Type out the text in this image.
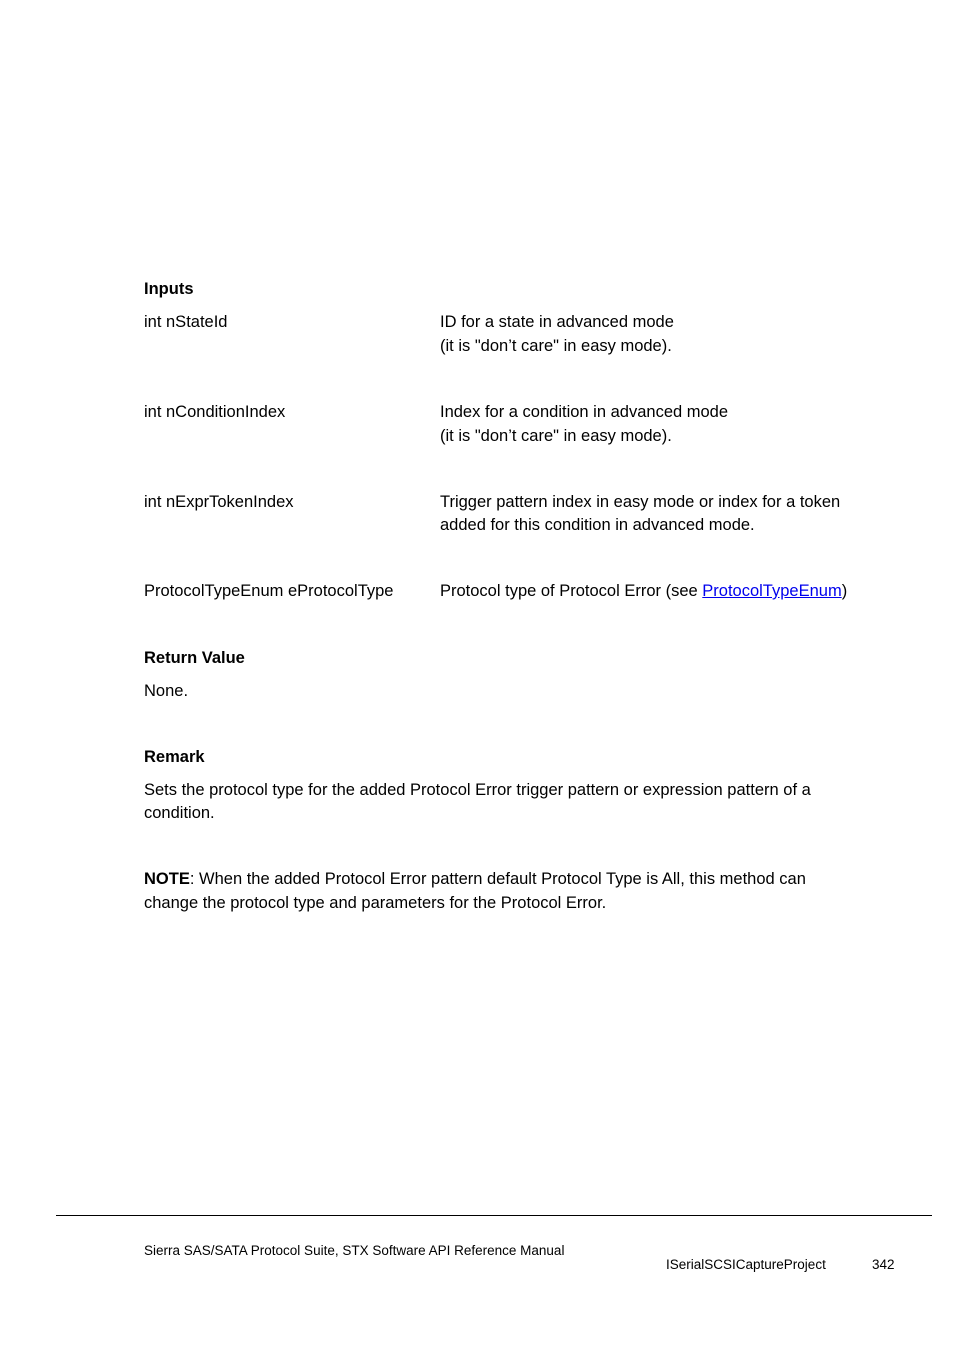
Inputs
int nStateId	ID for a state in advanced mode
(it is "don’t care" in easy mode).
int nConditionIndex	Index for a condition in advanced mode
(it is "don’t care" in easy mode).
int nExprTokenIndex	Trigger pattern index in easy mode or index for a token
added for this condition in advanced mode.
ProtocolTypeEnum eProtocolType	Protocol type of Protocol Error (see ProtocolTypeEnum)
Return Value
None.
Remark
Sets the protocol type for the added Protocol Error trigger pattern or expression pattern of a
condition.
NOTE: When the added Protocol Error pattern default Protocol Type is All, this method can
change the protocol type and parameters for the Protocol Error.
Sierra SAS/SATA Protocol Suite, STX Software API Reference Manual
ISerialSCSICaptureProject	342
